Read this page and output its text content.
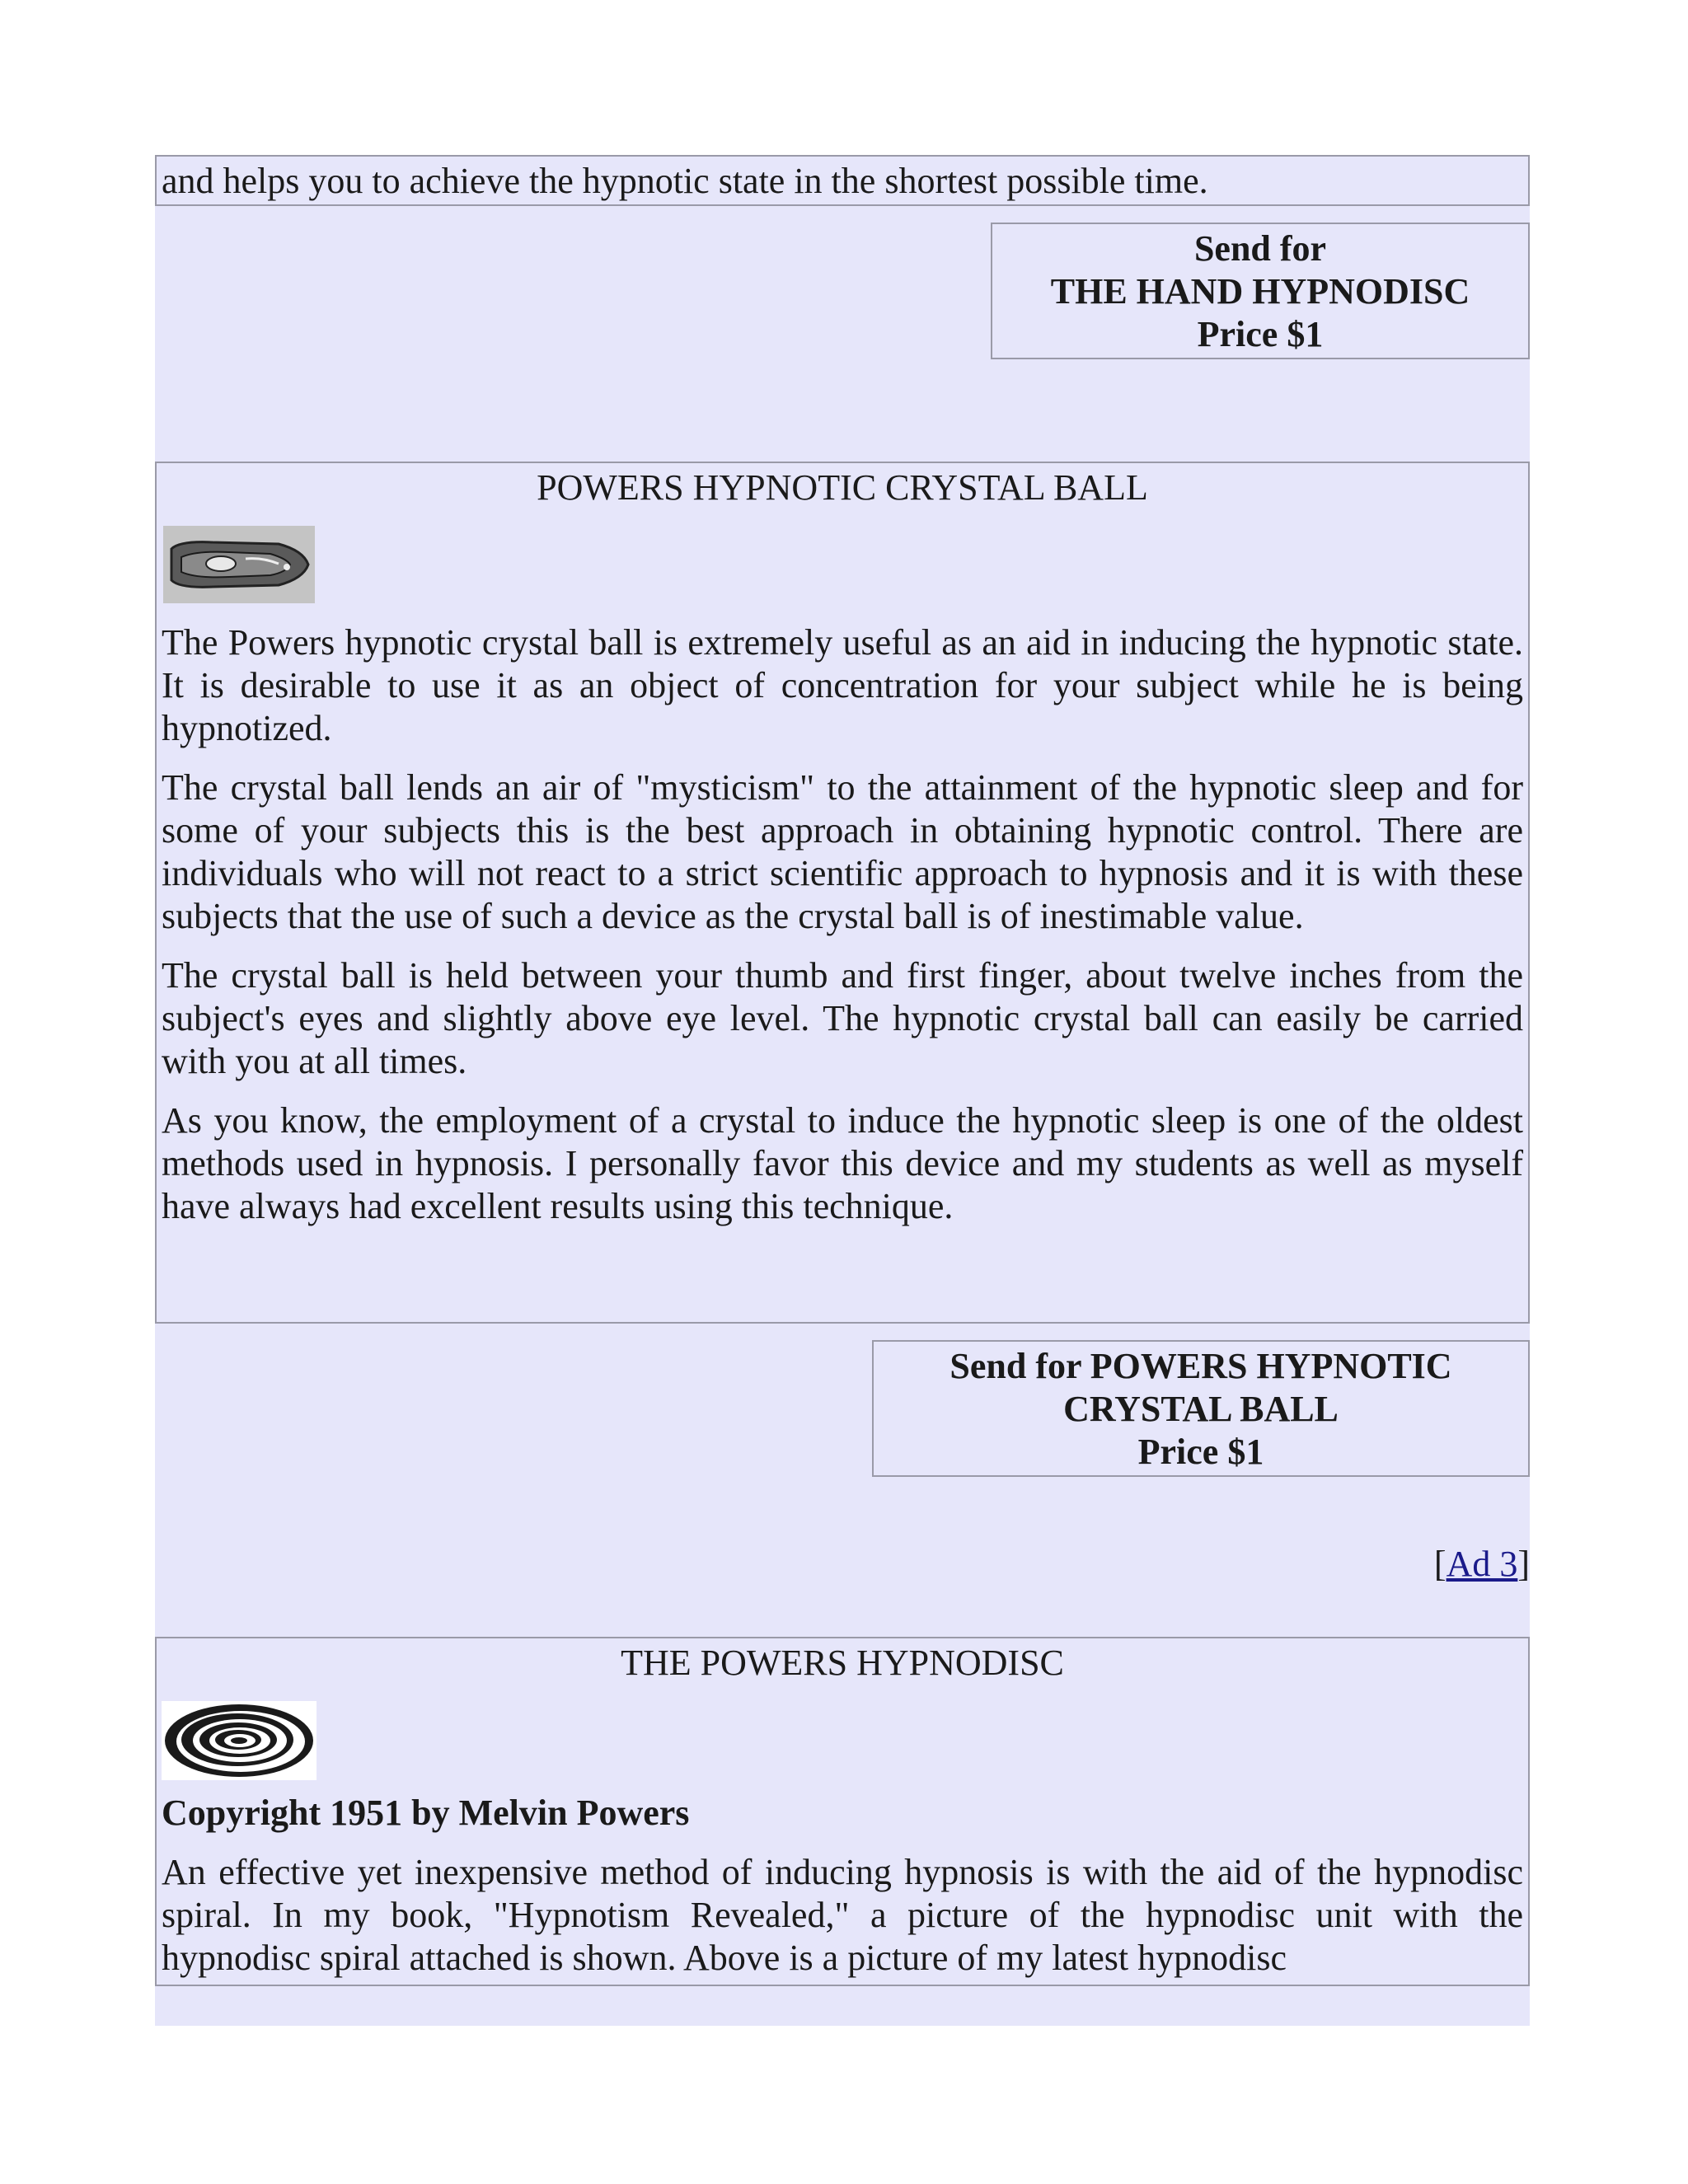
and helps you to achieve the hypnotic state in the shortest possible time.
Send for
THE HAND HYPNODISC
Price $1
POWERS HYPNOTIC CRYSTAL BALL

The Powers hypnotic crystal ball is extremely useful as an aid in inducing the hypnotic state. It is desirable to use it as an object of concentration for your subject while he is being hypnotized.

The crystal ball lends an air of "mysticism" to the attainment of the hypnotic sleep and for some of your subjects this is the best approach in obtaining hypnotic control. There are individuals who will not react to a strict scientific approach to hypnosis and it is with these subjects that the use of such a device as the crystal ball is of inestimable value.

The crystal ball is held between your thumb and first finger, about twelve inches from the subject's eyes and slightly above eye level. The hypnotic crystal ball can easily be carried with you at all times.

As you know, the employment of a crystal to induce the hypnotic sleep is one of the oldest methods used in hypnosis. I personally favor this device and my students as well as myself have always had excellent results using this technique.

Send for POWERS HYPNOTIC
CRYSTAL BALL
Price $1
[Ad 3]
THE POWERS HYPNODISC
Copyright 1951 by Melvin Powers

An effective yet inexpensive method of inducing hypnosis is with the aid of the hypnodisc spiral. In my book, "Hypnotism Revealed," a picture of the hypnodisc unit with the hypnodisc spiral attached is shown. Above is a picture of my latest hypnodisc
